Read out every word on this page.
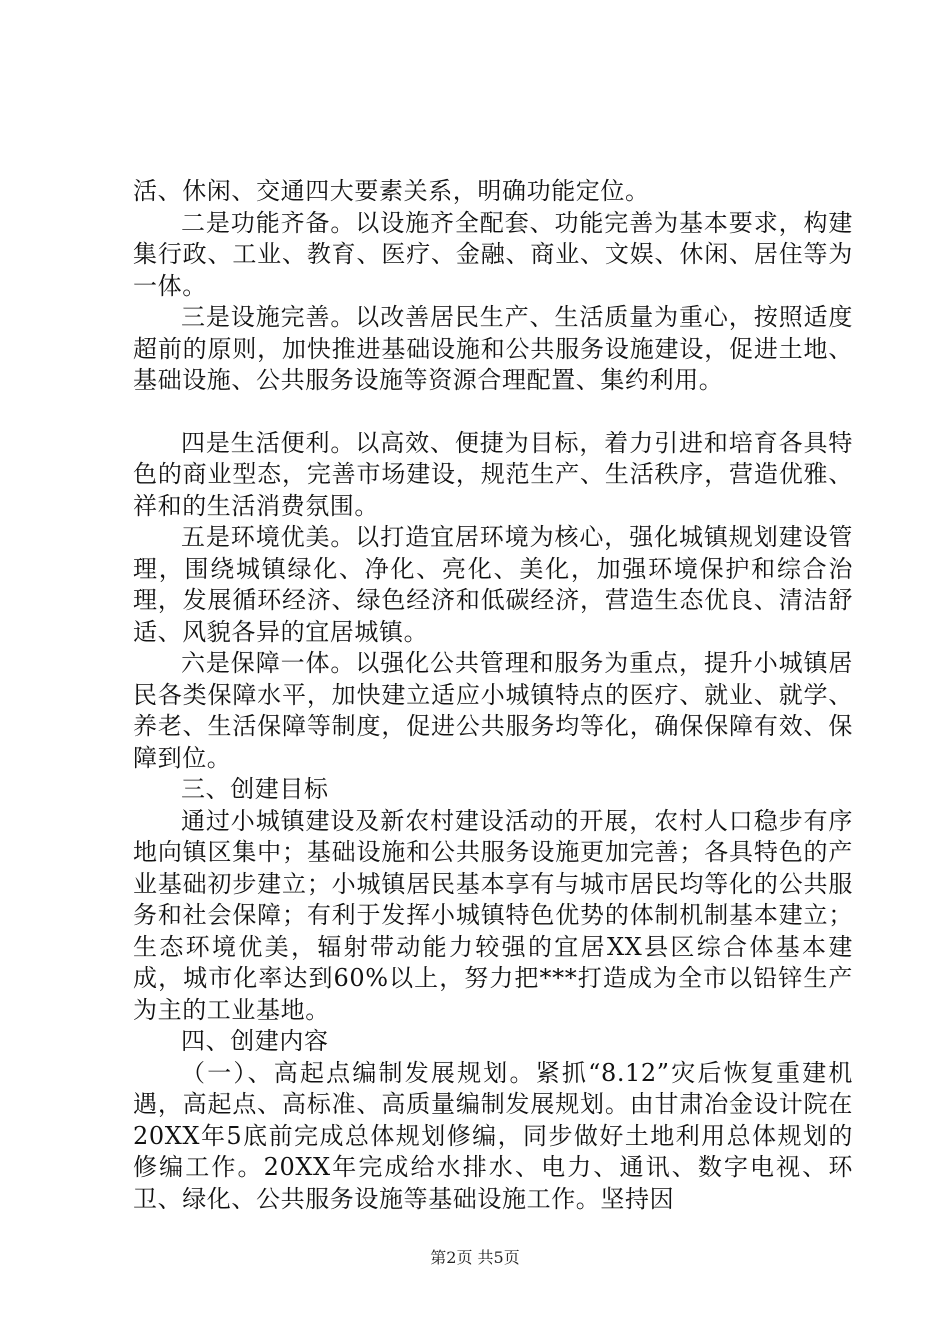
活、休闲、交通四大要素关系，明确功能定位。

二是功能齐备。以设施齐全配套、功能完善为基本要求，构建集行政、工业、教育、医疗、金融、商业、文娱、休闲、居住等为一体。

三是设施完善。以改善居民生产、生活质量为重心，按照适度超前的原则，加快推进基础设施和公共服务设施建设，促进土地、基础设施、公共服务设施等资源合理配置、集约利用。

四是生活便利。以高效、便捷为目标，着力引进和培育各具特色的商业型态，完善市场建设，规范生产、生活秩序，营造优雅、祥和的生活消费氛围。

五是环境优美。以打造宜居环境为核心，强化城镇规划建设管理，围绕城镇绿化、净化、亮化、美化，加强环境保护和综合治理，发展循环经济、绿色经济和低碳经济，营造生态优良、清洁舒适、风貌各异的宜居城镇。

六是保障一体。以强化公共管理和服务为重点，提升小城镇居民各类保障水平，加快建立适应小城镇特点的医疗、就业、就学、养老、生活保障等制度，促进公共服务均等化，确保保障有效、保障到位。

三、创建目标

通过小城镇建设及新农村建设活动的开展，农村人口稳步有序地向镇区集中；基础设施和公共服务设施更加完善；各具特色的产业基础初步建立；小城镇居民基本享有与城市居民均等化的公共服务和社会保障；有利于发挥小城镇特色优势的体制机制基本建立；生态环境优美，辐射带动能力较强的宜居XX县区综合体基本建成，城市化率达到60%以上，努力把***打造成为全市以铅锌生产为主的工业基地。

四、创建内容

（一）、高起点编制发展规划。紧抓“8.12”灾后恢复重建机遇，高起点、高标准、高质量编制发展规划。由甘肃冶金设计院在20XX年5底前完成总体规划修编，同步做好土地利用总体规划的修编工作。20XX年完成给水排水、电力、通讯、数字电视、环卫、绿化、公共服务设施等基础设施工作。坚持因

第2页 共5页
